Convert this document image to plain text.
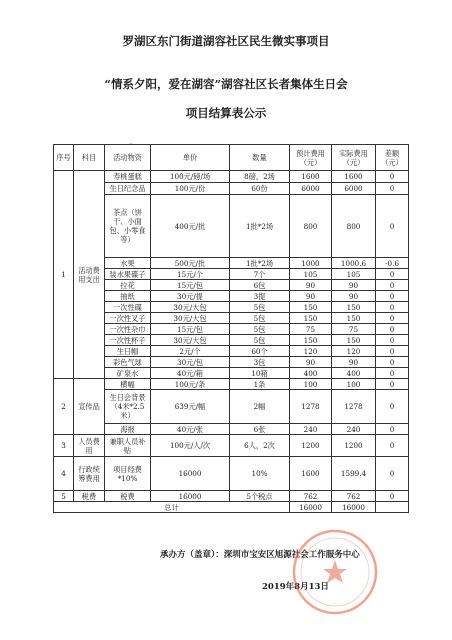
罗湖区东门街道湖容社区民生微实事项目
“情系夕阳，爱在湖容”湖容社区长者集体生日会
项目结算表公示
·
序号	科目	活动物资	单价	数量	预计费用（元）	实际费用（元）	差额（元）
1	活动费用支出	寿桃蛋糕	100元/磅/场	8磅，2场	1600	1600	0
		生日纪念品	100元/份	60份	6000	6000	0
		茶点（饼干、小面包、小零食等）	400元/批	1批*2场	800	800	0
		水果	500元/批	1批*2场	1000	1000.6	-0.6
		装水果碟子	15元/个	7个	105	105	0
		拉花	15元/包	6包	90	90	0
		抽纸	30元/提	3提	90	90	0
		一次性碟	30元/大包	5包	150	150	0
		一次性叉子	30元/大包	5包	150	150	0
		一次性杂巾	15元/包	5包	75	75	0
		一次性杯子	30元/大包	5包	150	150	0
		生日帽	2元/个	60个	120	120	0
		彩色气球	30元/包	3包	90	90	0
		矿泉水	40元/箱	10箱	400	400	0
2	宣传品	横幅	100元/条	1条	100	100	0
		生日会背景（4米*2.5米）	639元/幅	2幅	1278	1278	0
		海报	40元/张	6张	240	240	0
3	人员费用	兼职人员补贴	100元/人/次	6人，2次	1200	1200	0
4	行政统筹费用	项目经费*10%	16000	10%	1600	1599.4	0
5	税费	税费	16000	5个税点	762	762	0
总计					16000	16000	
承办方（盖章）：深圳市宝安区旭源社会工作服务中心
2019年8月13日
